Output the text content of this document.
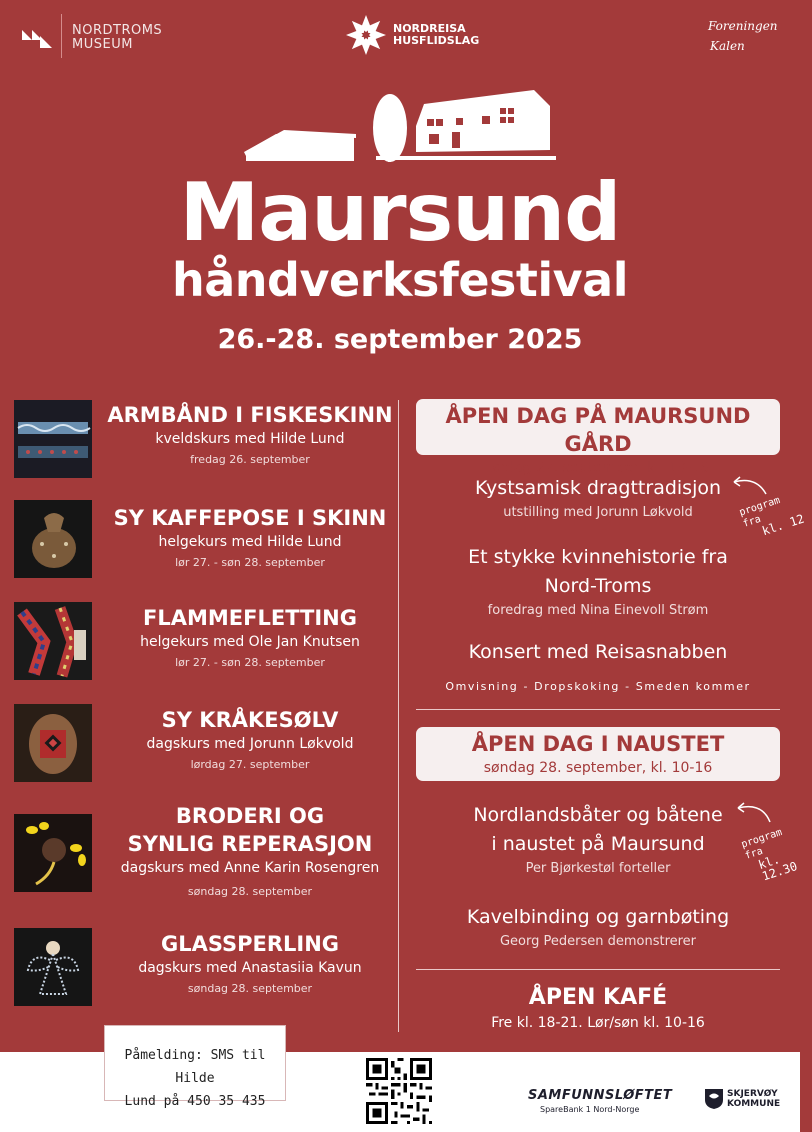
NORDTROMS
MUSEUM
NORDREISA
HUSFLIDSLAG
Foreningen
Kalen
Maursund
håndverksfestival
26.-28. september 2025
ARMBÅND I FISKESKINN
kveldskurs med Hilde Lund
fredag 26. september
SY KAFFEPOSE I SKINN
helgekurs med Hilde Lund
lør 27. - søn 28. september
FLAMMEFLETTING
helgekurs med Ole Jan Knutsen
lør 27. - søn 28. september
SY KRÅKESØLV
dagskurs med Jorunn Løkvold
lørdag 27. september
BRODERI OG
SYNLIG REPERASJON
dagskurs med Anne Karin Rosengren
søndag 28. september
GLASSPERLING
dagskurs med Anastasiia Kavun
søndag 28. september
ÅPEN DAG PÅ MAURSUND GÅRD
lørdag 27. september, kl. 10-16
Kystsamisk dragttradisjon
utstilling med Jorunn Løkvold	program fra
kl. 12
Et stykke kvinnehistorie fra
Nord-Troms
foredrag med Nina Einevoll Strøm
Konsert med Reisasnabben
Omvisning - Dropskoking - Smeden kommer
ÅPEN DAG I NAUSTET
søndag 28. september, kl. 10-16
Nordlandsbåter og båtene
i naustet på Maursund
Per Bjørkestøl forteller
program fra
kl. 12.30
Kavelbinding og garnbøting
Georg Pedersen demonstrerer
ÅPEN KAFÉ
Fre kl. 18-21. Lør/søn kl. 10-16
Påmelding: SMS til Hilde
Lund på 450 35 435	SAMFUNNSLØFTET
SpareBank 1 Nord-Norge
SKJERVØY
KOMMUNE
